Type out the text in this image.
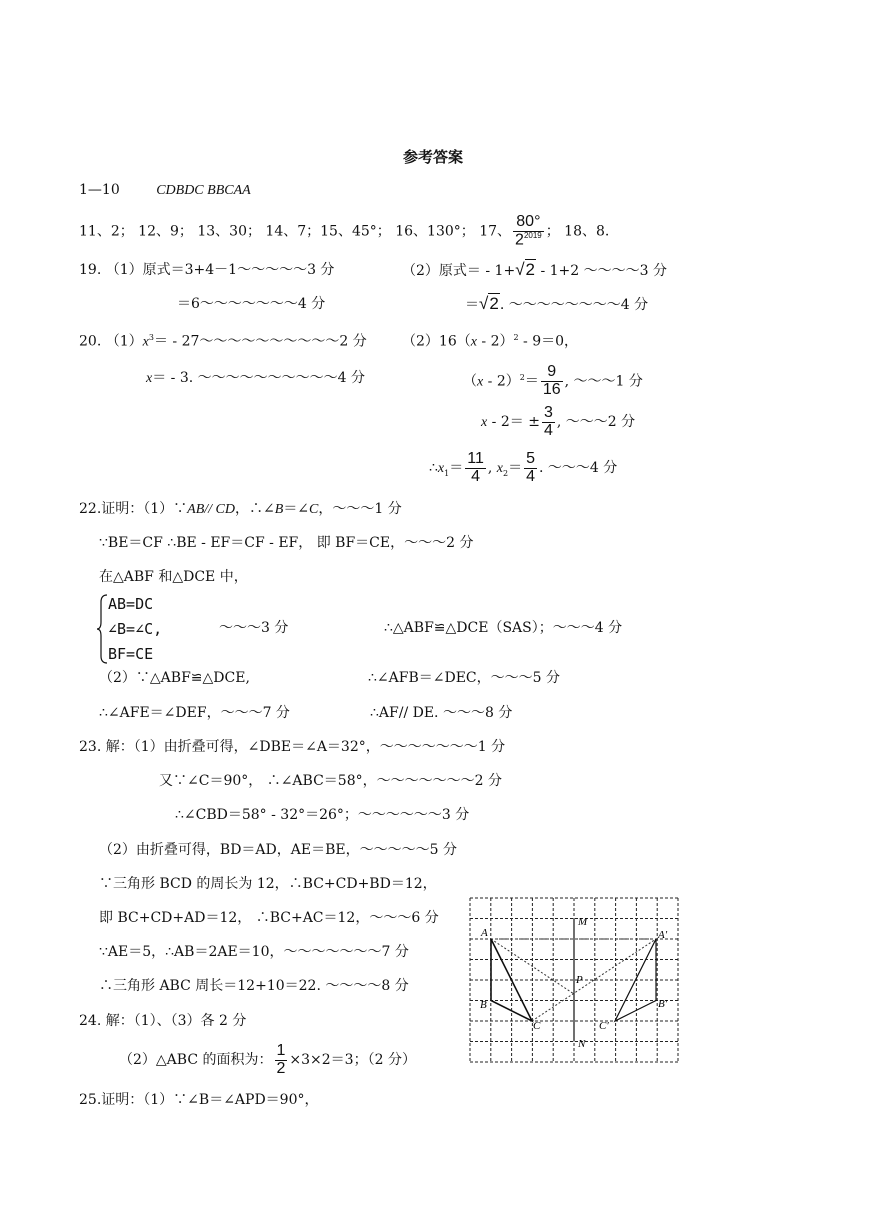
参考答案
1—10	CDBDC BBCAA
11、2； 12、9； 13、30； 14、7；15、45°； 16、130°； 17、 $\frac{80^\circ}{2^{2019}}$ ； 18、8.
19. （1）原式＝3+4－1～～～～～3 分	（2）原式＝ - 1+√2 - 1+2 ～～～～3 分
＝6～～～～～～～4 分	＝√2. ～～～～～～～～4 分
20. $(1)x^3=$ - 27～～～～～～～～～～2 分	（2）16（x - 2）$^2$ - 9＝0，
x＝ - 3. ～～～～～～～～～～4 分	$(x - 2)^2= \frac{9}{16}$ , ～～～1 分
$x - 2= \pm \frac{3}{4}$ , ～～～2 分
$\therefore x_1= \frac{11}{4}$ , $x_2= \frac{5}{4}$ . ～～～4 分
22.证明：（1）∵AB// CD，∴∠B＝∠C，～～～1 分
∵BE＝CF ∴BE - EF＝CF - EF， 即 BF＝CE，～～～2 分
在△ABF 和△DCE 中，
AB=DC
∠B=∠C,
BF=CE
～～～3 分	∴△ABF≌△DCE（SAS）；～～～4 分
（2）∵△ABF≌△DCE,	∴∠AFB＝∠DEC，～～～5 分
∴∠AFE＝∠DEF，～～～7 分	∴AF// DE. ～～～8 分
23. 解：（1）由折叠可得，∠DBE＝∠A＝32°，～～～～～～～1 分
又∵∠C＝90°， ∴∠ABC＝58°，～～～～～～～2 分
∴∠CBD＝58° - 32°＝26°；～～～～～～3 分
（2）由折叠可得，BD＝AD，AE＝BE，～～～～～5 分
∵三角形 BCD 的周长为 12，∴BC+CD+BD＝12，
即 BC+CD+AD＝12， ∴BC+AC＝12，～～～6 分
∵AE＝5，∴AB＝2AE＝10，～～～～～～～7 分
∴三角形 ABC 周长＝12+10＝22. ～～～～8 分
24. 解：（1）、（3）各 2 分
（2）△ABC 的面积为： $\frac{1}{2} \times 3\times 2=3$；（2 分）
25.证明：（1）∵∠B＝∠APD＝90°，
A
B
C
A′
B′
C′
M
N
P
